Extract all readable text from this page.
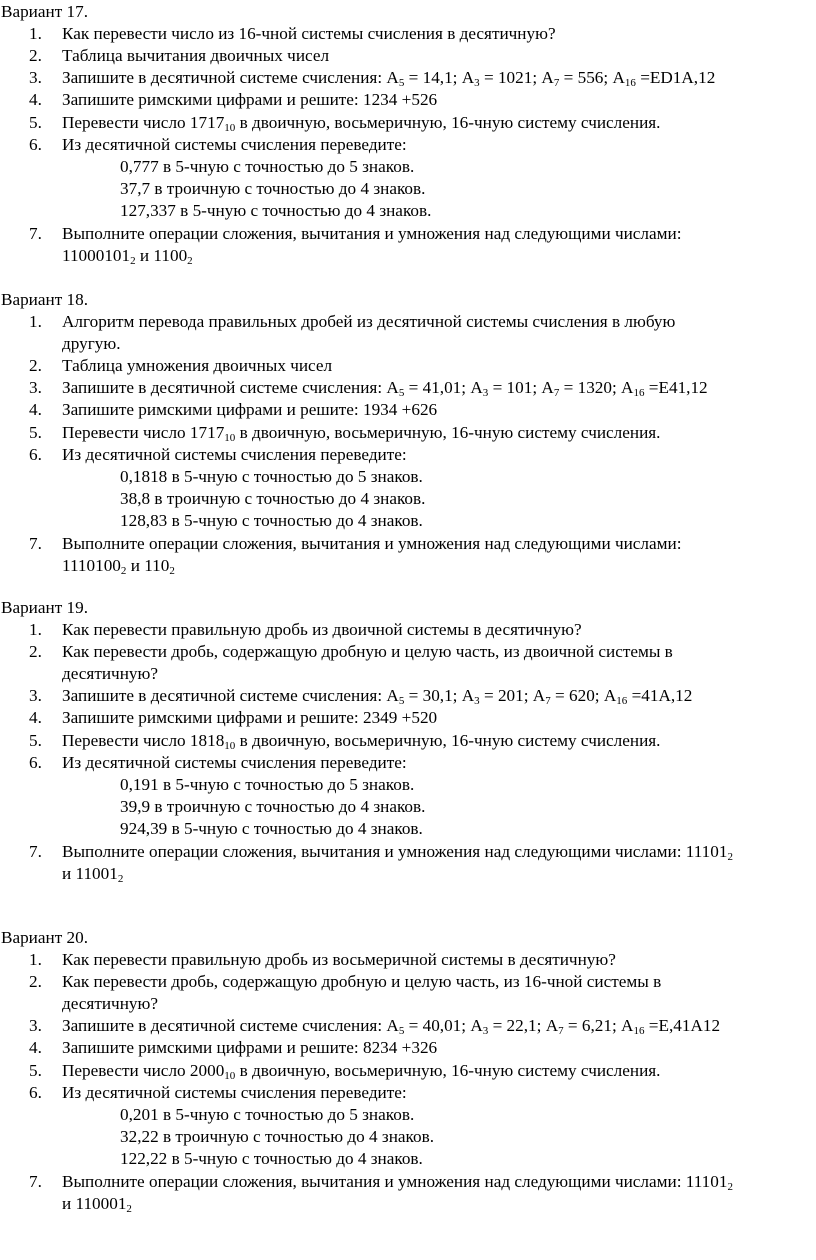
Вариант 17.
1. Как перевести число из 16-чной системы счисления в десятичную?
2. Таблица вычитания двоичных чисел
3. Запишите в десятичной системе счисления: $А_5 = 14,1$; $А_3 = 1021$; $А_7 = 556$; $А_{16} =ED1A,12$
4. Запишите римскими цифрами и решите: 1234 +526
5. Перевести число $1717_{10}$ в двоичную, восьмеричную, 16-чную систему счисления.
6. Из десятичной системы счисления переведите:
0,777 в 5-чную с точностью до 5 знаков.
37,7 в троичную с точностью до 4 знаков.
127,337 в 5-чную с точностью до 4 знаков.
7. Выполните операции сложения, вычитания и умножения над следующими числами:
$11000101_2$ и $1100_2$
Вариант 18.
1. Алгоритм перевода правильных дробей из десятичной системы счисления в любую
другую.
2. Таблица умножения двоичных чисел
3. Запишите в десятичной системе счисления: $А_5 = 41,01$; $А_3 = 101$; $А_7 = 1320$; $А_{16} =E41,12$
4. Запишите римскими цифрами и решите: 1934 +626
5. Перевести число $1717_{10}$ в двоичную, восьмеричную, 16-чную систему счисления.
6. Из десятичной системы счисления переведите:
0,1818 в 5-чную с точностью до 5 знаков.
38,8 в троичную с точностью до 4 знаков.
128,83 в 5-чную с точностью до 4 знаков.
7. Выполните операции сложения, вычитания и умножения над следующими числами:
$1110100_2$ и $110_2$
Вариант 19.
1. Как перевести правильную дробь из двоичной системы в десятичную?
2. Как перевести дробь, содержащую дробную и целую часть, из двоичной системы в
десятичную?
3. Запишите в десятичной системе счисления: $А_5 = 30,1$; $А_3 = 201$; $А_7 = 620$; $А_{16} =41A,12$
4. Запишите римскими цифрами и решите: 2349 +520
5. Перевести число $1818_{10}$ в двоичную, восьмеричную, 16-чную систему счисления.
6. Из десятичной системы счисления переведите:
0,191 в 5-чную с точностью до 5 знаков.
39,9 в троичную с точностью до 4 знаков.
924,39 в 5-чную с точностью до 4 знаков.
7. Выполните операции сложения, вычитания и умножения над следующими числами: $11101_2$
и $11001_2$
Вариант 20.
1. Как перевести правильную дробь из восьмеричной системы в десятичную?
2. Как перевести дробь, содержащую дробную и целую часть, из 16-чной системы в
десятичную?
3. Запишите в десятичной системе счисления: $А_5 = 40,01$; $А_3 = 22,1$; $А_7 = 6,21$; $А_{16} =E,41A12$
4. Запишите римскими цифрами и решите: 8234 +326
5. Перевести число $2000_{10}$ в двоичную, восьмеричную, 16-чную систему счисления.
6. Из десятичной системы счисления переведите:
0,201 в 5-чную с точностью до 5 знаков.
32,22 в троичную с точностью до 4 знаков.
122,22 в 5-чную с точностью до 4 знаков.
7. Выполните операции сложения, вычитания и умножения над следующими числами: $11101_2$
и $110001_2$
